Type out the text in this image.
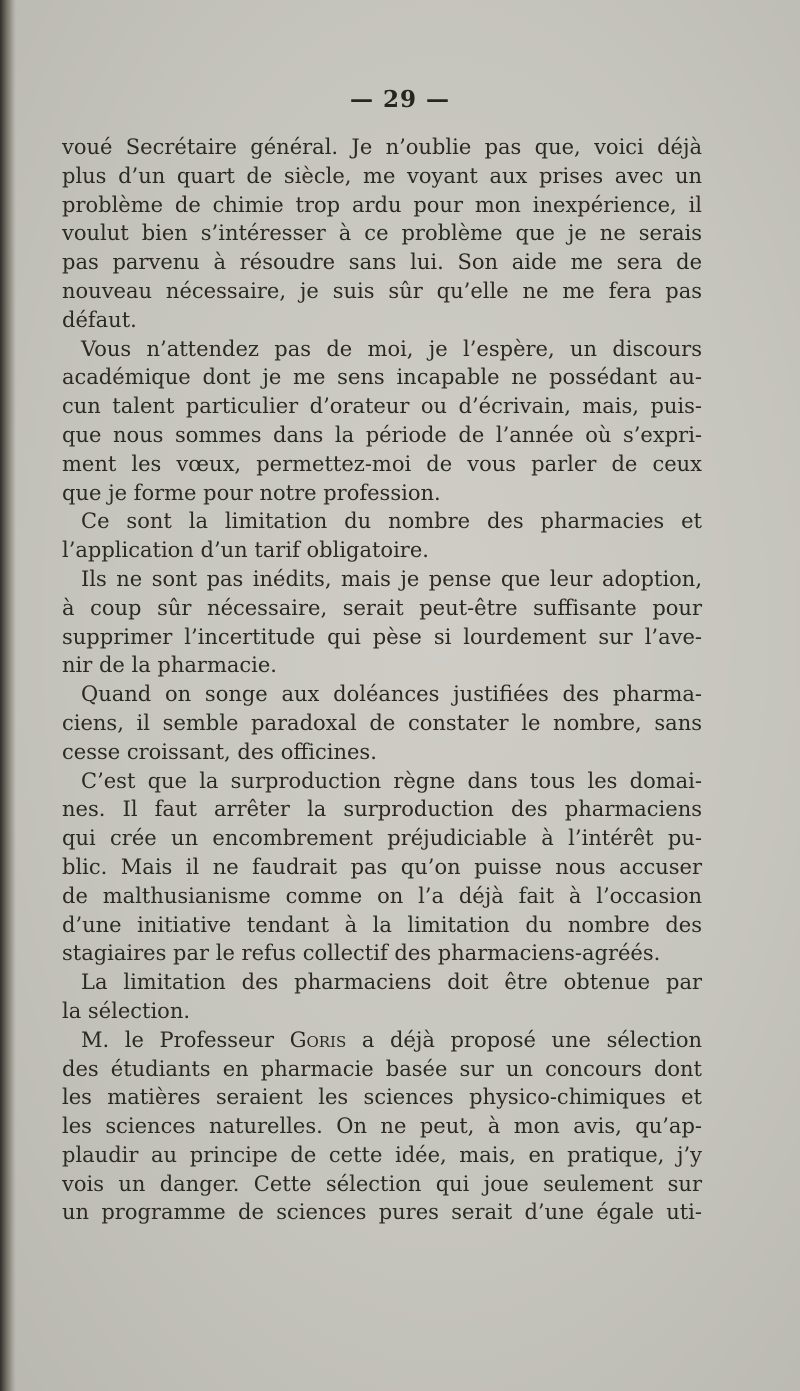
— 29 —
voué Secrétaire général. Je n’oublie pas que, voici déjà
plus d’un quart de siècle, me voyant aux prises avec un
problème de chimie trop ardu pour mon inexpérience, il
voulut bien s’intéresser à ce problème que je ne serais
pas parvenu à résoudre sans lui. Son aide me sera de
nouveau nécessaire, je suis sûr qu’elle ne me fera pas
défaut.
Vous n’attendez pas de moi, je l’espère, un discours
académique dont je me sens incapable ne possédant au-
cun talent particulier d’orateur ou d’écrivain, mais, puis-
que nous sommes dans la période de l’année où s’expri-
ment les vœux, permettez-moi de vous parler de ceux
que je forme pour notre profession.
Ce sont la limitation du nombre des pharmacies et
l’application d’un tarif obligatoire.
Ils ne sont pas inédits, mais je pense que leur adoption,
à coup sûr nécessaire, serait peut-être suffisante pour
supprimer l’incertitude qui pèse si lourdement sur l’ave-
nir de la pharmacie.
Quand on songe aux doléances justifiées des pharma-
ciens, il semble paradoxal de constater le nombre, sans
cesse croissant, des officines.
C’est que la surproduction règne dans tous les domai-
nes. Il faut arrêter la surproduction des pharmaciens
qui crée un encombrement préjudiciable à l’intérêt pu-
blic. Mais il ne faudrait pas qu’on puisse nous accuser
de malthusianisme comme on l’a déjà fait à l’occasion
d’une initiative tendant à la limitation du nombre des
stagiaires par le refus collectif des pharmaciens-agréés.
La limitation des pharmaciens doit être obtenue par
la sélection.
M. le Professeur Goris a déjà proposé une sélection
des étudiants en pharmacie basée sur un concours dont
les matières seraient les sciences physico-chimiques et
les sciences naturelles. On ne peut, à mon avis, qu’ap-
plaudir au principe de cette idée, mais, en pratique, j’y
vois un danger. Cette sélection qui joue seulement sur
un programme de sciences pures serait d’une égale uti-
